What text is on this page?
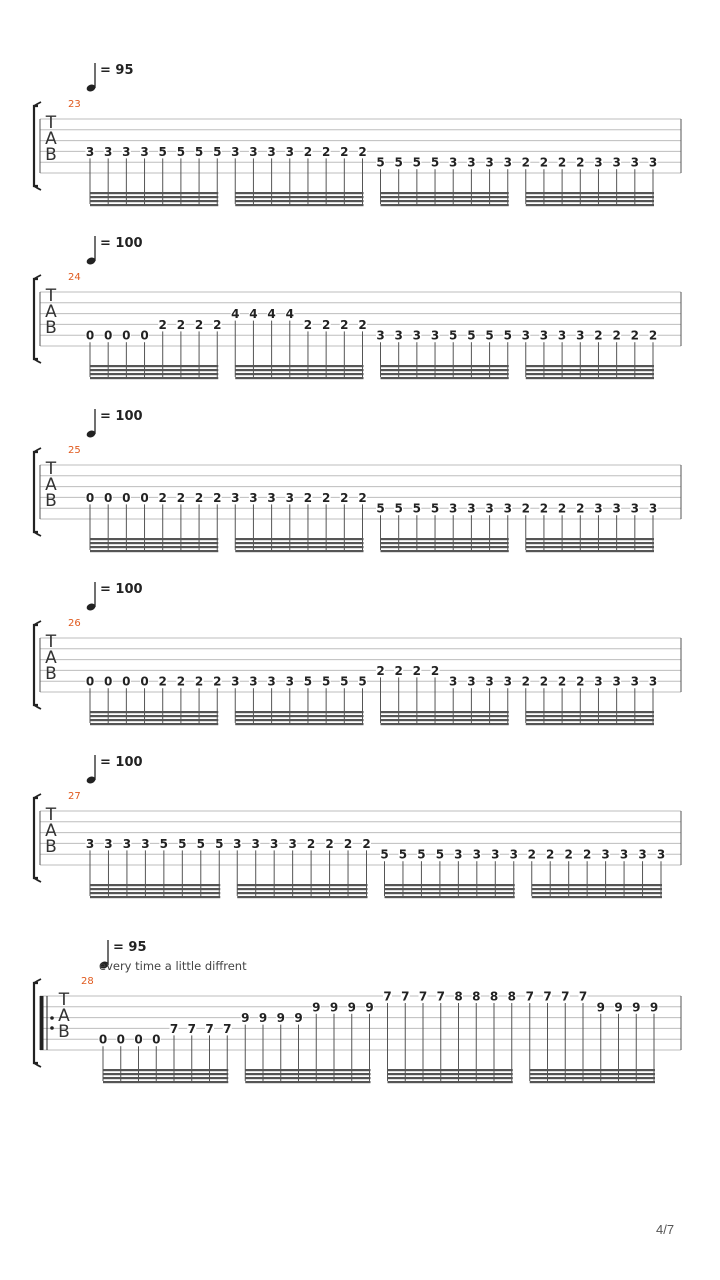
= 95
23
T
A
B 3 3 3 3 5 5 5 5 3 3 3 3 2 2 2 2
5 5 5 5 3 3 3 3 2 2 2 2 3 3 3 3
= 100
24
T
A
B 0 0 0 0
2 2 2 2
4 4 4 4
2 2 2 2
3 3 3 3 5 5 5 5 3 3 3 3 2 2 2 2
= 100
25
T
A
B 0 0 0 0 2 2 2 2 3 3 3 3 2 2 2 2
5 5 5 5 3 3 3 3 2 2 2 2 3 3 3 3
= 100
26
T
A
B 0 0 0 0 2 2 2 2 3 3 3 3 5 5 5 5
2 2 2 2
3 3 3 3 2 2 2 2 3 3 3 3
= 100
27
T
A
B 3 3 3 3 5 5 5 5 3 3 3 3 2 2 2 2
5 5 5 5 3 3 3 3 2 2 2 2 3 3 3 3
= 95
every time a little diffrent
28
T
A
B 0 0 0 0
7 7 7 7
9 9 9 9
9 9 9 9
7 7 7 7 8 8 8 8 7 7 7 7
9 9 9 9
4/7
